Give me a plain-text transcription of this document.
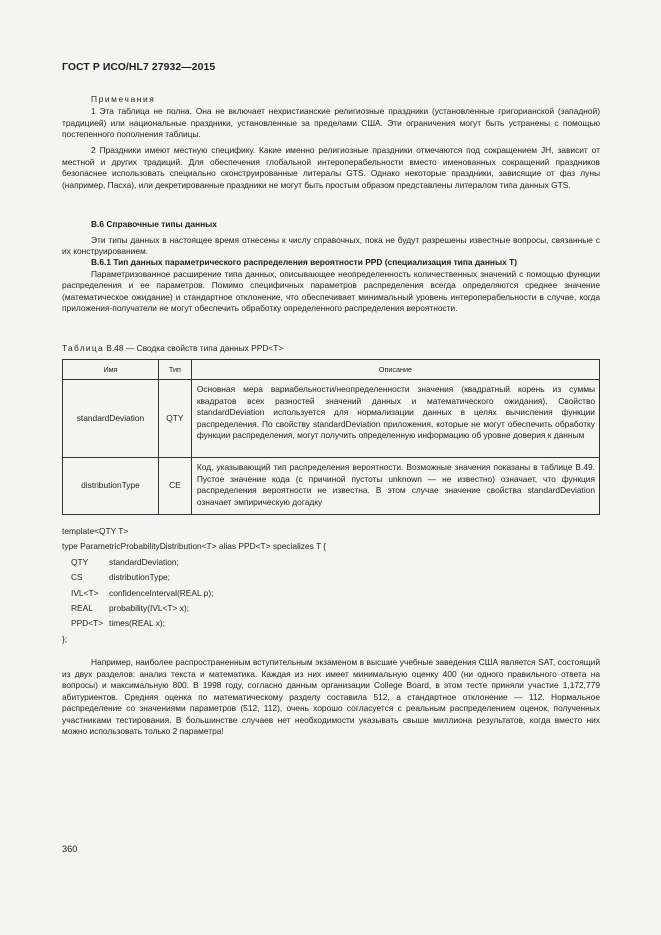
ГОСТ Р ИСО/HL7 27932—2015
Примечания

1 Эта таблица не полна. Она не включает нехристианские религиозные праздники (установленные григорианской (западной) традицией) или национальные праздники, установленные за пределами США. Эти ограничения могут быть устранены с помощью постепенного пополнения таблицы.

2 Праздники имеют местную специфику. Какие именно религиозные праздники отмечаются под сокращением JH, зависит от местной и других традиций. Для обеспечения глобальной интероперабельности вместо именованных сокращений праздников безопаснее использовать специально сконструированные литералы GTS. Однако некоторые праздники, зависящие от фаз луны (например, Пасха), или декретированные праздники не могут быть простым образом представлены литералом типа данных GTS.

B.6 Справочные типы данных

Эти типы данных в настоящее время отнесены к числу справочных, пока не будут разрешены известные вопросы, связанные с их конструированием.

В.6.1 Тип данных параметрического распределения вероятности PPD (специализация типа данных T)

Параметризованное расширение типа данных, описывающее неопределенность количественных значений с помощью функции распределения и ее параметров. Помимо специфичных параметров распределения всегда определяются среднее значение (математическое ожидание) и стандартное отклонение, что обеспечивает минимальный уровень интероперабельности в случае, когда приложения-получатели не могут обеспечить обработку определенного распределения вероятности.

Таблица В.48 — Сводка свойств типа данных PPD<T>
Имя	Тип	Описание
standardDeviation	QTY	Основная мера вариабельности/неопределенности значения (квадратный корень из суммы квадратов всех разностей значений данных и математического ожидания). Свойство standardDeviation используется для нормализации данных в целях вычисления функции распределения. По свойству standardDeviation приложения, которые не могут обеспечить обработку функции распределения, могут получить определенную информацию об уровне доверия к данным
distributionType	CE	Код, указывающий тип распределения вероятности. Возможные значения показаны в таблице В.49. Пустое значение кода (с причиной пустоты unknown — не известно) означает, что функция распределения вероятности не известна. В этом случае значение свойства standardDeviation означает эмпирическую догадку
template<QTY T>
type ParametricProbabilityDistribution<T> alias PPD<T> specializes T {
QTY standardDeviation;
CS	distributionType;
IVL<T> confidenceInterval(REAL p);
REAL probability(IVL<T> x);
PPD<T> times(REAL x);
};

Например, наиболее распространенным вступительным экзаменом в высшие учебные заведения США является SAT, состоящий из двух разделов: анализ текста и математика. Каждая из них имеет минимальную оценку 400 (ни одного правильного ответа на вопросы) и максимальную 800. В 1998 году, согласно данным организации College Board, в этом тесте приняли участие 1,172,779 абитуриентов. Средняя оценка по математическому разделу составила 512, а стандартное отклонение — 112. Нормальное распределение со значениями параметров (512, 112), очень хорошо согласуется с реальным распределением оценок, полученных участниками тестирования. В большинстве случаев нет необходимости указывать свыше миллиона результатов, когда вместо них можно использовать только 2 параметра!

360
